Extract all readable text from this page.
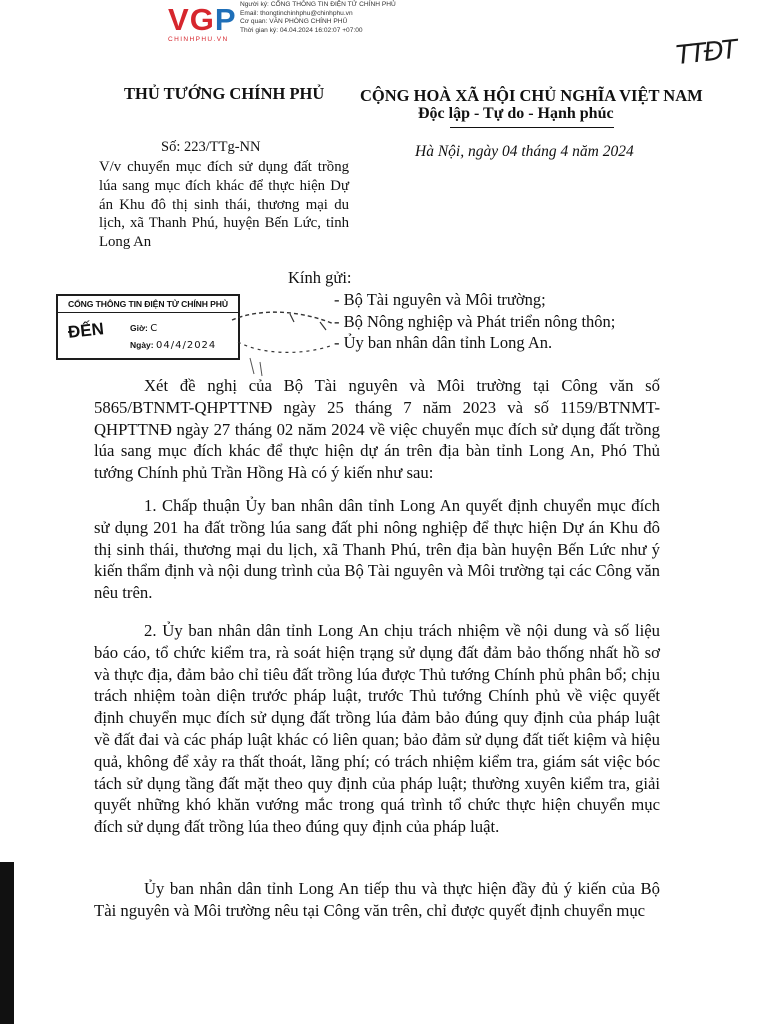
VGP
CHINHPHU.VN
Người ký: CỔNG THÔNG TIN ĐIỆN TỬ CHÍNH PHỦ
Email: thongtinchinhphu@chinhphu.vn
Cơ quan: VĂN PHÒNG CHÍNH PHỦ
Thời gian ký: 04.04.2024 16:02:07 +07:00
TTĐT
THỦ TƯỚNG CHÍNH PHỦ CỘNG HOÀ XÃ HỘI CHỦ NGHĨA VIỆT NAM
Độc lập - Tự do - Hạnh phúc
Số: 223/TTg-NN	Hà Nội, ngày 04 tháng 4 năm 2024
V/v chuyển mục đích sử dụng đất trồng lúa sang mục đích khác để thực hiện Dự án Khu đô thị sinh thái, thương mại du lịch, xã Thanh Phú, huyện Bến Lức, tỉnh Long An
Kính gửi:
- Bộ Tài nguyên và Môi trường;
- Bộ Nông nghiệp và Phát triển nông thôn;
- Ủy ban nhân dân tỉnh Long An.
CỔNG THÔNG TIN ĐIỆN TỬ CHÍNH PHỦ
ĐẾN	Giờ: C
Ngày: 04/4/2024
Xét đề nghị của Bộ Tài nguyên và Môi trường tại Công văn số 5865/BTNMT-QHPTTNĐ ngày 25 tháng 7 năm 2023 và số 1159/BTNMT-QHPTTNĐ ngày 27 tháng 02 năm 2024 về việc chuyển mục đích sử dụng đất trồng lúa sang mục đích khác để thực hiện dự án trên địa bàn tỉnh Long An, Phó Thủ tướng Chính phủ Trần Hồng Hà có ý kiến như sau:
1. Chấp thuận Ủy ban nhân dân tỉnh Long An quyết định chuyển mục đích sử dụng 201 ha đất trồng lúa sang đất phi nông nghiệp để thực hiện Dự án Khu đô thị sinh thái, thương mại du lịch, xã Thanh Phú, trên địa bàn huyện Bến Lức như ý kiến thẩm định và nội dung trình của Bộ Tài nguyên và Môi trường tại các Công văn nêu trên.
2. Ủy ban nhân dân tỉnh Long An chịu trách nhiệm về nội dung và số liệu báo cáo, tổ chức kiểm tra, rà soát hiện trạng sử dụng đất đảm bảo thống nhất hồ sơ và thực địa, đảm bảo chỉ tiêu đất trồng lúa được Thủ tướng Chính phủ phân bổ; chịu trách nhiệm toàn diện trước pháp luật, trước Thủ tướng Chính phủ về việc quyết định chuyển mục đích sử dụng đất trồng lúa đảm bảo đúng quy định của pháp luật về đất đai và các pháp luật khác có liên quan; bảo đảm sử dụng đất tiết kiệm và hiệu quả, không để xảy ra thất thoát, lãng phí; có trách nhiệm kiểm tra, giám sát việc bóc tách sử dụng tầng đất mặt theo quy định của pháp luật; thường xuyên kiểm tra, giải quyết những khó khăn vướng mắc trong quá trình tổ chức thực hiện chuyển mục đích sử dụng đất trồng lúa theo đúng quy định của pháp luật.
Ủy ban nhân dân tỉnh Long An tiếp thu và thực hiện đầy đủ ý kiến của Bộ Tài nguyên và Môi trường nêu tại Công văn trên, chỉ được quyết định chuyển mục
